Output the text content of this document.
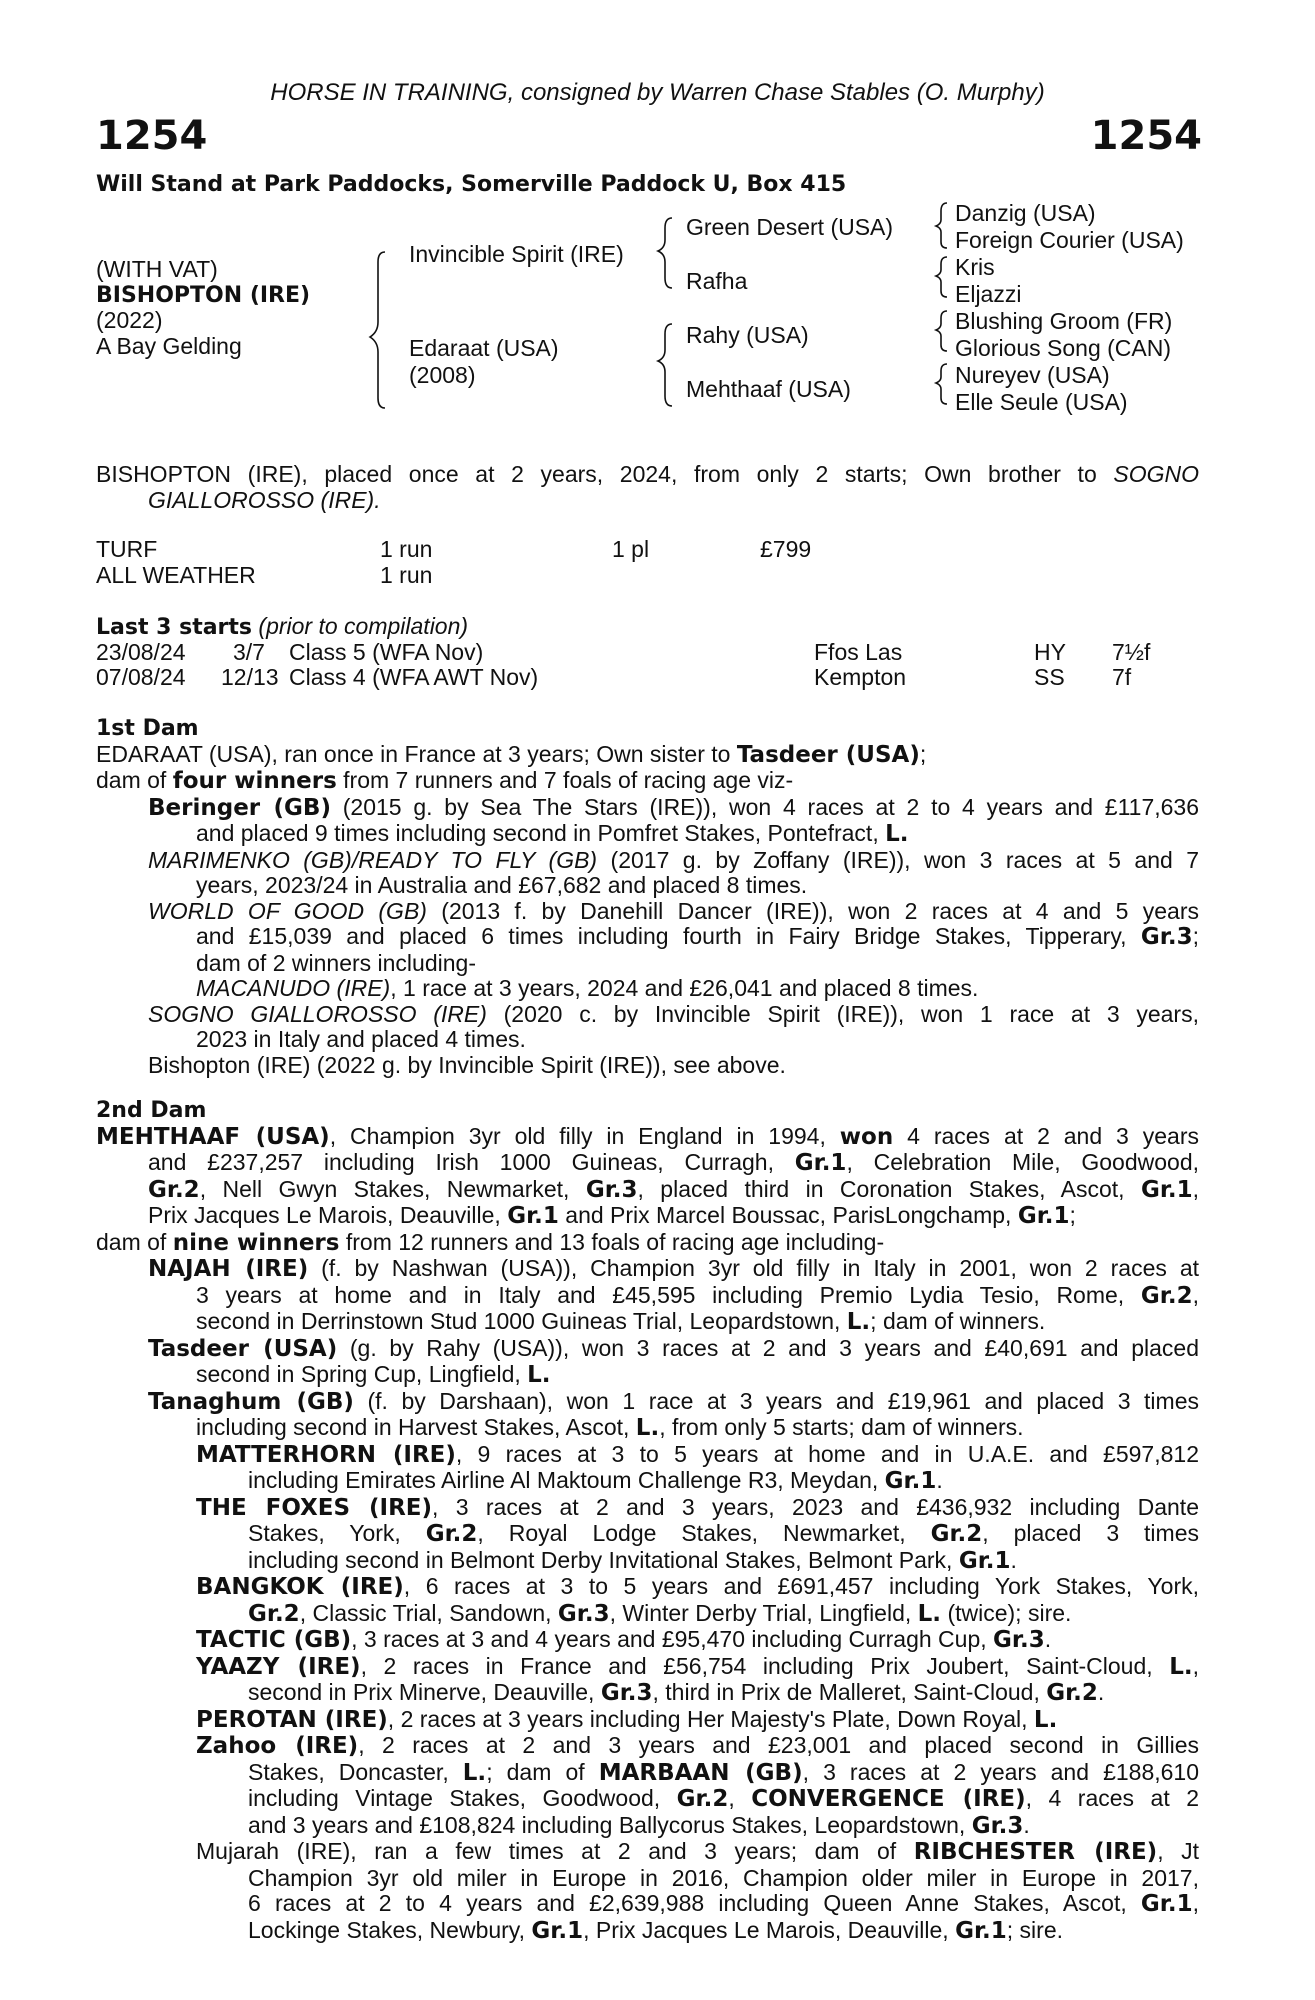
HORSE IN TRAINING, consigned by Warren Chase Stables (O. Murphy)
1254	1254
Will Stand at Park Paddocks, Somerville Paddock U, Box 415
(WITH VAT)
BISHOPTON (IRE)
(2022)
A Bay Gelding
Invincible Spirit (IRE)
Edaraat (USA)
(2008)
Green Desert (USA)
Rafha
Rahy (USA)
Mehthaaf (USA)
Danzig (USA)
Foreign Courier (USA)
Kris
Eljazzi
Blushing Groom (FR)
Glorious Song (CAN)
Nureyev (USA)
Elle Seule (USA)
BISHOPTON (IRE), placed once at 2 years, 2024, from only 2 starts; Own brother to SOGNO
GIALLOROSSO (IRE).
TURF	1 run	1 pl	£799
ALL WEATHER	1 run		
Last 3 starts (prior to compilation)
23/08/24 3/7 Class 5 (WFA Nov)	Ffos Las	HY 7½f
07/08/24 12/13 Class 4 (WFA AWT Nov)	Kempton	SS 7f
1st Dam
EDARAAT (USA), ran once in France at 3 years; Own sister to Tasdeer (USA);
dam of four winners from 7 runners and 7 foals of racing age viz-
Beringer (GB) (2015 g. by Sea The Stars (IRE)), won 4 races at 2 to 4 years and £117,636
and placed 9 times including second in Pomfret Stakes, Pontefract, L.
MARIMENKO (GB)/READY TO FLY (GB) (2017 g. by Zoffany (IRE)), won 3 races at 5 and 7
years, 2023/24 in Australia and £67,682 and placed 8 times.
WORLD OF GOOD (GB) (2013 f. by Danehill Dancer (IRE)), won 2 races at 4 and 5 years
and £15,039 and placed 6 times including fourth in Fairy Bridge Stakes, Tipperary, Gr.3;
dam of 2 winners including-
MACANUDO (IRE), 1 race at 3 years, 2024 and £26,041 and placed 8 times.
SOGNO GIALLOROSSO (IRE) (2020 c. by Invincible Spirit (IRE)), won 1 race at 3 years,
2023 in Italy and placed 4 times.
Bishopton (IRE) (2022 g. by Invincible Spirit (IRE)), see above.
2nd Dam
MEHTHAAF (USA), Champion 3yr old filly in England in 1994, won 4 races at 2 and 3 years
and £237,257 including Irish 1000 Guineas, Curragh, Gr.1, Celebration Mile, Goodwood,
Gr.2, Nell Gwyn Stakes, Newmarket, Gr.3, placed third in Coronation Stakes, Ascot, Gr.1,
Prix Jacques Le Marois, Deauville, Gr.1 and Prix Marcel Boussac, ParisLongchamp, Gr.1;
dam of nine winners from 12 runners and 13 foals of racing age including-
NAJAH (IRE) (f. by Nashwan (USA)), Champion 3yr old filly in Italy in 2001, won 2 races at
3 years at home and in Italy and £45,595 including Premio Lydia Tesio, Rome, Gr.2,
second in Derrinstown Stud 1000 Guineas Trial, Leopardstown, L.; dam of winners.
Tasdeer (USA) (g. by Rahy (USA)), won 3 races at 2 and 3 years and £40,691 and placed
second in Spring Cup, Lingfield, L.
Tanaghum (GB) (f. by Darshaan), won 1 race at 3 years and £19,961 and placed 3 times
including second in Harvest Stakes, Ascot, L., from only 5 starts; dam of winners.
MATTERHORN (IRE), 9 races at 3 to 5 years at home and in U.A.E. and £597,812
including Emirates Airline Al Maktoum Challenge R3, Meydan, Gr.1.
THE FOXES (IRE), 3 races at 2 and 3 years, 2023 and £436,932 including Dante
Stakes, York, Gr.2, Royal Lodge Stakes, Newmarket, Gr.2, placed 3 times
including second in Belmont Derby Invitational Stakes, Belmont Park, Gr.1.
BANGKOK (IRE), 6 races at 3 to 5 years and £691,457 including York Stakes, York,
Gr.2, Classic Trial, Sandown, Gr.3, Winter Derby Trial, Lingfield, L. (twice); sire.
TACTIC (GB), 3 races at 3 and 4 years and £95,470 including Curragh Cup, Gr.3.
YAAZY (IRE), 2 races in France and £56,754 including Prix Joubert, Saint-Cloud, L.,
second in Prix Minerve, Deauville, Gr.3, third in Prix de Malleret, Saint-Cloud, Gr.2.
PEROTAN (IRE), 2 races at 3 years including Her Majesty's Plate, Down Royal, L.
Zahoo (IRE), 2 races at 2 and 3 years and £23,001 and placed second in Gillies
Stakes, Doncaster, L.; dam of MARBAAN (GB), 3 races at 2 years and £188,610
including Vintage Stakes, Goodwood, Gr.2, CONVERGENCE (IRE), 4 races at 2
and 3 years and £108,824 including Ballycorus Stakes, Leopardstown, Gr.3.
Mujarah (IRE), ran a few times at 2 and 3 years; dam of RIBCHESTER (IRE), Jt
Champion 3yr old miler in Europe in 2016, Champion older miler in Europe in 2017,
6 races at 2 to 4 years and £2,639,988 including Queen Anne Stakes, Ascot, Gr.1,
Lockinge Stakes, Newbury, Gr.1, Prix Jacques Le Marois, Deauville, Gr.1; sire.
